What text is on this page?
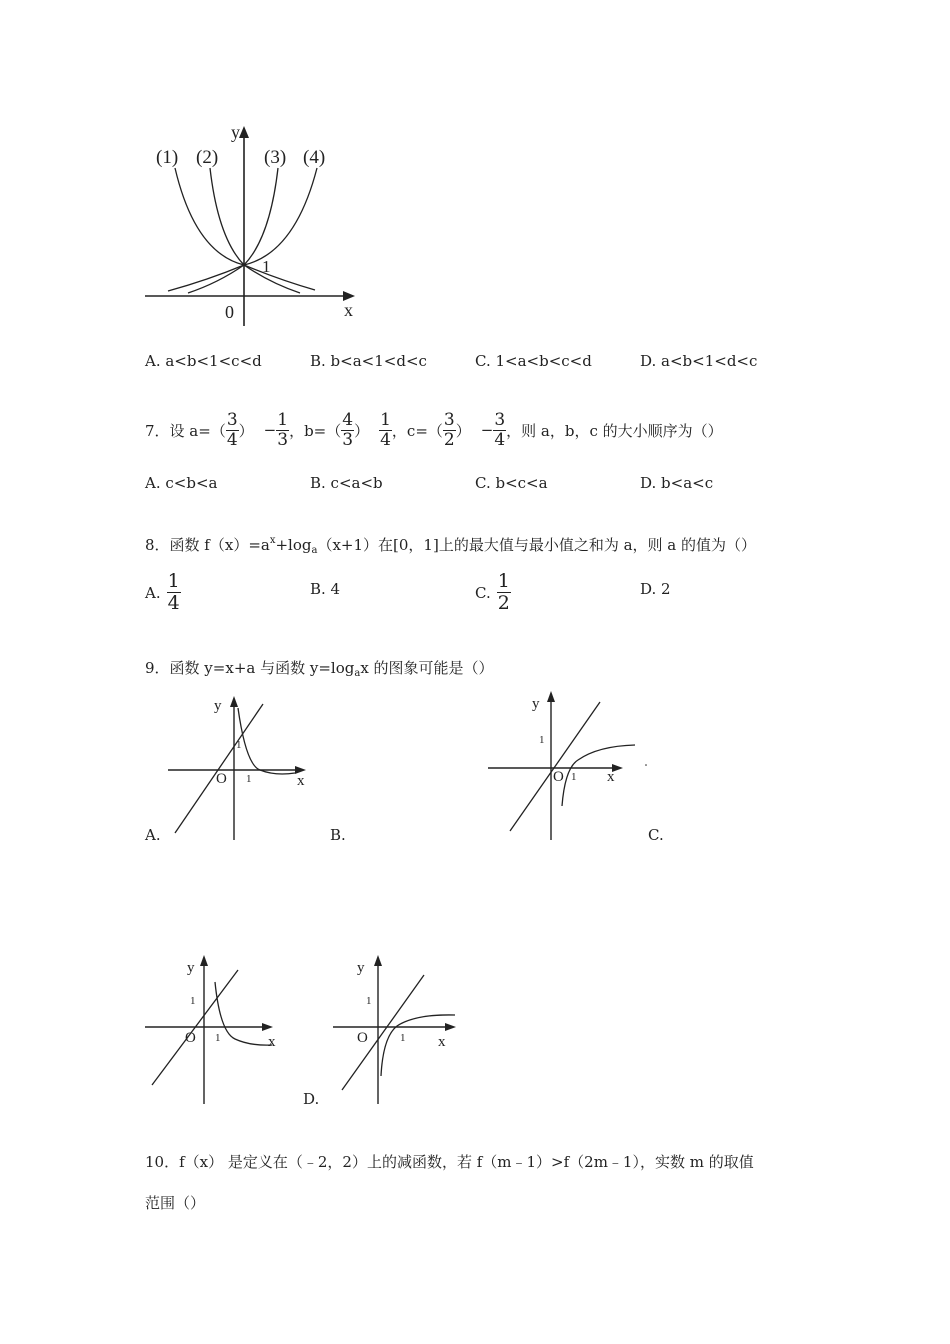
(1) (2) (3) (4)
y
x
0
1
A. a<b<1<c<d	B. b<a<1<d<c	C. 1<a<b<c<d	D. a<b<1<d<c
7．设 $a=( \frac{3}{4}$ ） − $\frac{1}{3}$ ，$b=( \frac{4}{3}$ ） $\frac{1}{4}$ ，$c=( \frac{3}{2}$ ） − $\frac{3}{4}$ ，则 a，b，c 的大小顺序为（）
A. c<b<a	B. c<a<b	C. b<c<a	D. b<a<c
8．函数 $f(x)=a^x+\log_a(x+1)$在[0，1]上的最大值与最小值之和为 a，则 a 的值为（）
A. $\frac{1}{4}$	B. 4	C. $\frac{1}{2}$	D. 2
9．函数 y=x+a 与函数 $y=\log_ax$ 的图象可能是（）
y
x
O
1
1
A.	B.
y
x
O
1
1
C.
y
x
O
1
1
y
x
O
1
1
D.
10．f（x） 是定义在（﹣2，2）上的减函数，若 f（m﹣1）>f（2m﹣1），实数 m 的取值
范围（）
